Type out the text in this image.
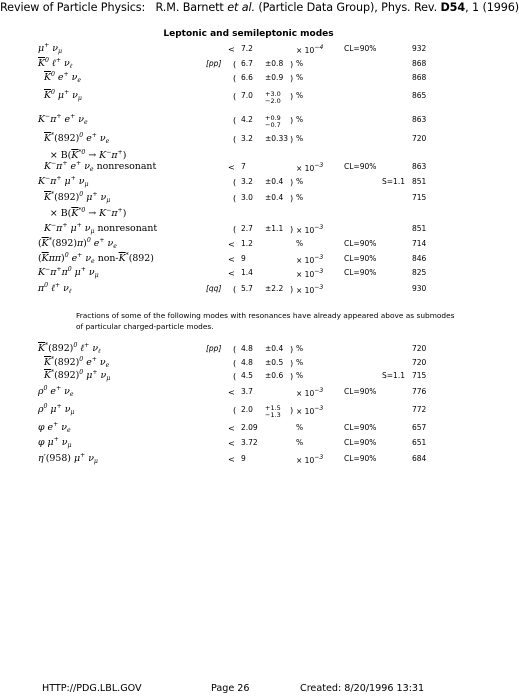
Review of Particle Physics: R.M. Barnett et al. (Particle Data Group), Phys. Rev. D54, 1 (1996)
Leptonic and semileptonic modes
μ+ $\nu_\mu$	< 7.2	× $10^{-4}$	CL=90%	932
$\overline{K}^0$ ℓ+ $\nu_\ell$	[pp] ( 6.7 ±0.8 ) %	868
$\overline{K}^0$ e+ $\nu_e$	( 6.6 ±0.9 ) %	868
$\overline{K}^0$ μ+ $\nu_\mu$	( 7.0 +3.0
−2.0 ) %	865
K−π+ e+ $\nu_e$	( 4.2 +0.9
−0.7 ) %	863
$\overline{K}^*(892)^0$ e+ $\nu_e$	( 3.2 ±0.33 ) %	720
× $B(\overline{K}^{*0} \to K^-\pi^+)$
K−π+ e+ $\nu_e$ nonresonant	< 7	× $10^{-3}$	CL=90%	863
K−π+ μ+ $\nu_\mu$	( 3.2 ±0.4 ) %	S=1.1 851
$\overline{K}^*(892)^0$ μ+ $\nu_\mu$	( 3.0 ±0.4 ) %	715
× $B(\overline{K}^{*0} \to K^-\pi^+)$
K−π+ μ+ $\nu_\mu$ nonresonant	( 2.7 ±1.1 ) × $10^{-3}$	851
$(\overline{K}^*(892)\pi)^0$ e+ $\nu_e$	< 1.2	%	CL=90%	714
$(\overline{K}\pi\pi)^0$ e+ $\nu_e$ non-$\overline{K}^*(892)$	< 9	× $10^{-3}$	CL=90%	846
$K^-\pi^+\pi^0$ μ+ $\nu_\mu$	< 1.4	× $10^{-3}$	CL=90%	825
$\pi^0$ ℓ+ $\nu_\ell$	[qq] ( 5.7 ±2.2 ) × $10^{-3}$	930
Fractions of some of the following modes with resonances have already appeared above as submodes of particular charged-particle modes.
$\overline{K}^*(892)^0$ ℓ+ $\nu_\ell$	[pp] ( 4.8 ±0.4 ) %	720
$\overline{K}^*(892)^0$ e+ $\nu_e$	( 4.8 ±0.5 ) %	720
$\overline{K}^*(892)^0$ μ+ $\nu_\mu$	( 4.5 ±0.6 ) %	S=1.1 715
$\rho^0$ e+ $\nu_e$	< 3.7	× $10^{-3}$	CL=90%	776
$\rho^0$ μ+ $\nu_\mu$	( 2.0 +1.5
−1.3 ) × $10^{-3}$	772
φ e+ $\nu_e$	< 2.09	%	CL=90%	657
φ μ+ $\nu_\mu$	< 3.72	%	CL=90%	651
η′(958) μ+ $\nu_\mu$	< 9	× $10^{-3}$	CL=90%	684
HTTP://PDG.LBL.GOV	Page 26	Created: 8/20/1996 13:31
